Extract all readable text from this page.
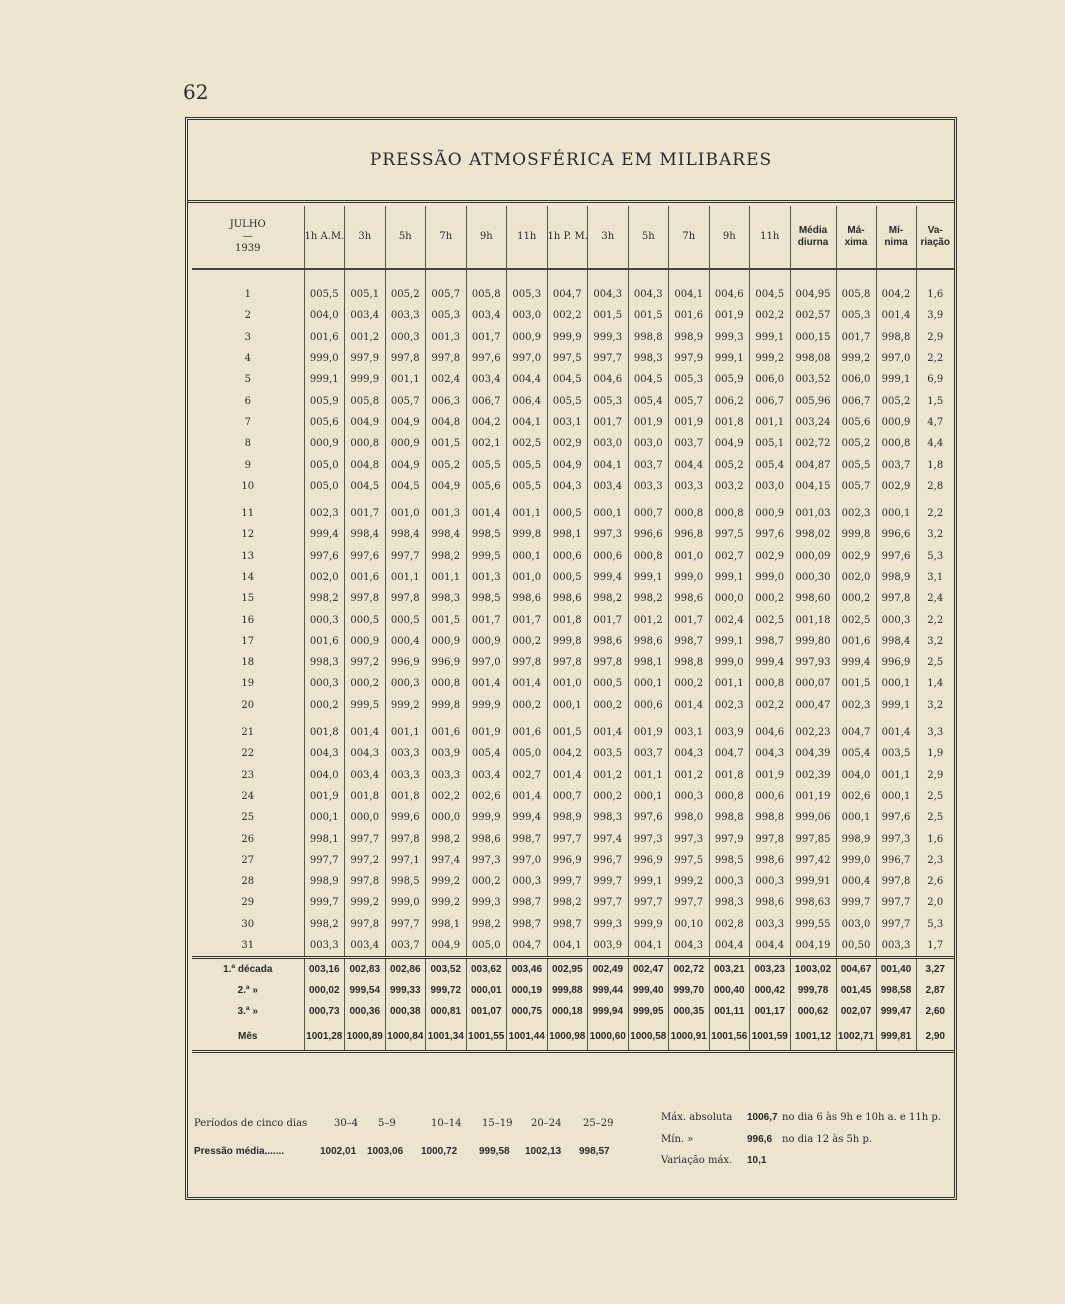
62
PRESSÃO ATMOSFÉRICA EM MILIBARES
JULHO
—
1939	1h A.M.	3h	5h	7h	9h	11h	1h P. M.	3h	5h	7h	9h	11h	Média diurna	Má- xima	Mí- nima	Va- riação
1	005,5	005,1	005,2	005,7	005,8	005,3	004,7	004,3	004,3	004,1	004,6	004,5	004,95	005,8	004,2	1,6
2	004,0	003,4	003,3	005,3	003,4	003,0	002,2	001,5	001,5	001,6	001,9	002,2	002,57	005,3	001,4	3,9
3	001,6	001,2	000,3	001,3	001,7	000,9	999,9	999,3	998,8	998,9	999,3	999,1	000,15	001,7	998,8	2,9
4	999,0	997,9	997,8	997,8	997,6	997,0	997,5	997,7	998,3	997,9	999,1	999,2	998,08	999,2	997,0	2,2
5	999,1	999,9	001,1	002,4	003,4	004,4	004,5	004,6	004,5	005,3	005,9	006,0	003,52	006,0	999,1	6,9
6	005,9	005,8	005,7	006,3	006,7	006,4	005,5	005,3	005,4	005,7	006,2	006,7	005,96	006,7	005,2	1,5
7	005,6	004,9	004,9	004,8	004,2	004,1	003,1	001,7	001,9	001,9	001,8	001,1	003,24	005,6	000,9	4,7
8	000,9	000,8	000,9	001,5	002,1	002,5	002,9	003,0	003,0	003,7	004,9	005,1	002,72	005,2	000,8	4,4
9	005,0	004,8	004,9	005,2	005,5	005,5	004,9	004,1	003,7	004,4	005,2	005,4	004,87	005,5	003,7	1,8
10	005,0	004,5	004,5	004,9	005,6	005,5	004,3	003,4	003,3	003,3	003,2	003,0	004,15	005,7	002,9	2,8

11	002,3	001,7	001,0	001,3	001,4	001,1	000,5	000,1	000,7	000,8	000,8	000,9	001,03	002,3	000,1	2,2
12	999,4	998,4	998,4	998,4	998,5	999,8	998,1	997,3	996,6	996,8	997,5	997,6	998,02	999,8	996,6	3,2
13	997,6	997,6	997,7	998,2	999,5	000,1	000,6	000,6	000,8	001,0	002,7	002,9	000,09	002,9	997,6	5,3
14	002,0	001,6	001,1	001,1	001,3	001,0	000,5	999,4	999,1	999,0	999,1	999,0	000,30	002,0	998,9	3,1
15	998,2	997,8	997,8	998,3	998,5	998,6	998,6	998,2	998,2	998,6	000,0	000,2	998,60	000,2	997,8	2,4
16	000,3	000,5	000,5	001,5	001,7	001,7	001,8	001,7	001,2	001,7	002,4	002,5	001,18	002,5	000,3	2,2
17	001,6	000,9	000,4	000,9	000,9	000,2	999,8	998,6	998,6	998,7	999,1	998,7	999,80	001,6	998,4	3,2
18	998,3	997,2	996,9	996,9	997,0	997,8	997,8	997,8	998,1	998,8	999,0	999,4	997,93	999,4	996,9	2,5
19	000,3	000,2	000,3	000,8	001,4	001,4	001,0	000,5	000,1	000,2	001,1	000,8	000,07	001,5	000,1	1,4
20	000,2	999,5	999,2	999,8	999,9	000,2	000,1	000,2	000,6	001,4	002,3	002,2	000,47	002,3	999,1	3,2

21	001,8	001,4	001,1	001,6	001,9	001,6	001,5	001,4	001,9	003,1	003,9	004,6	002,23	004,7	001,4	3,3
22	004,3	004,3	003,3	003,9	005,4	005,0	004,2	003,5	003,7	004,3	004,7	004,3	004,39	005,4	003,5	1,9
23	004,0	003,4	003,3	003,3	003,4	002,7	001,4	001,2	001,1	001,2	001,8	001,9	002,39	004,0	001,1	2,9
24	001,9	001,8	001,8	002,2	002,6	001,4	000,7	000,2	000,1	000,3	000,8	000,6	001,19	002,6	000,1	2,5
25	000,1	000,0	999,6	000,0	999,9	999,4	998,9	998,3	997,6	998,0	998,8	998,8	999,06	000,1	997,6	2,5
26	998,1	997,7	997,8	998,2	998,6	998,7	997,7	997,4	997,3	997,3	997,9	997,8	997,85	998,9	997,3	1,6
27	997,7	997,2	997,1	997,4	997,3	997,0	996,9	996,7	996,9	997,5	998,5	998,6	997,42	999,0	996,7	2,3
28	998,9	997,8	998,5	999,2	000,2	000,3	999,7	999,7	999,1	999,2	000,3	000,3	999,91	000,4	997,8	2,6
29	999,7	999,2	999,0	999,2	999,3	998,7	998,2	997,7	997,7	997,7	998,3	998,6	998,63	999,7	997,7	2,0
30	998,2	997,8	997,7	998,1	998,2	998,7	998,7	999,3	999,9	00,10	002,8	003,3	999,55	003,0	997,7	5,3
31	003,3	003,4	003,7	004,9	005,0	004,7	004,1	003,9	004,1	004,3	004,4	004,4	004,19	00,50	003,3	1,7
1.ª década	003,16	002,83	002,86	003,52	003,62	003,46	002,95	002,49	002,47	002,72	003,21	003,23	1003,02	004,67	001,40	3,27
2.ª »	000,02	999,54	999,33	999,72	000,01	000,19	999,88	999,44	999,40	999,70	000,40	000,42	999,78	001,45	998,58	2,87
3.ª »	000,73	000,36	000,38	000,81	001,07	000,75	000,18	999,94	999,95	000,35	001,11	001,17	000,62	002,07	999,47	2,60
Mês	1001,28	1000,89	1000,84	1001,34	1001,55	1001,44	1000,98	1000,60	1000,58	1000,91	1001,56	1001,59	1001,12	1002,71	999,81	2,90
Períodos de cinco dias	30–4 5–9	10–14 15–19 20–24 25–29
Pressão média.......	1002,01 1003,06 1000,72 999,58 1002,13 998,57
Máx. absoluta 1006,7 no dia 6 às 9h e 10h a. e 11h p.
Mín. »	996,6 no dia 12 às 5h p.
Variação máx. 10,1
